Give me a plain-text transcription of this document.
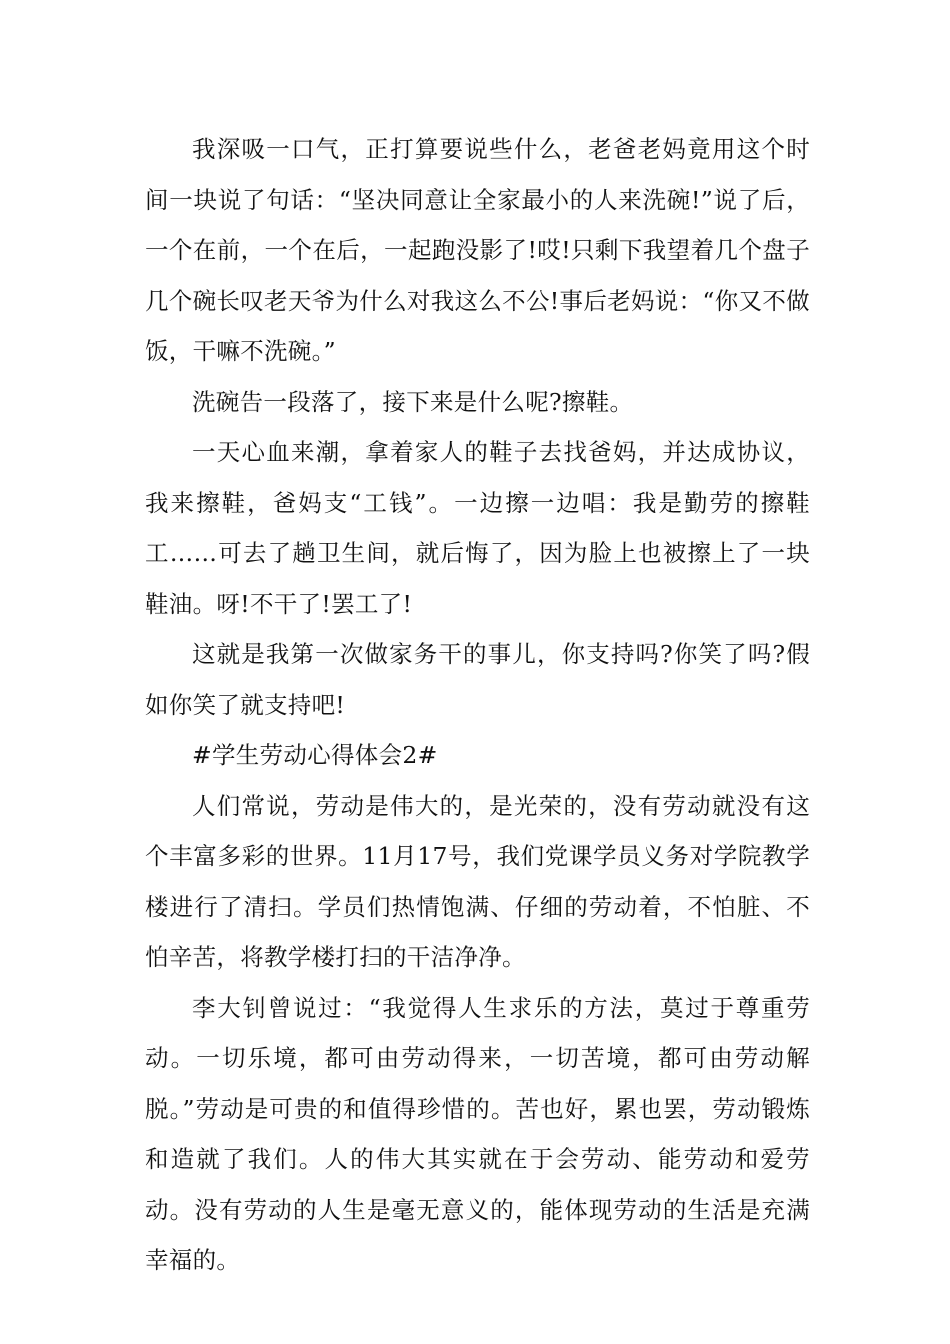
我深吸一口气，正打算要说些什么，老爸老妈竟用这个时间一块说了句话：“坚决同意让全家最小的人来洗碗!”说了后，一个在前，一个在后，一起跑没影了!哎!只剩下我望着几个盘子几个碗长叹老天爷为什么对我这么不公!事后老妈说：“你又不做饭，干嘛不洗碗。”

洗碗告一段落了，接下来是什么呢?擦鞋。

一天心血来潮，拿着家人的鞋子去找爸妈，并达成协议，我来擦鞋，爸妈支“工钱”。一边擦一边唱：我是勤劳的擦鞋工……可去了趟卫生间，就后悔了，因为脸上也被擦上了一块鞋油。呀!不干了!罢工了!

这就是我第一次做家务干的事儿，你支持吗?你笑了吗?假如你笑了就支持吧!

#学生劳动心得体会2#

人们常说，劳动是伟大的，是光荣的，没有劳动就没有这个丰富多彩的世界。11月17号，我们党课学员义务对学院教学楼进行了清扫。学员们热情饱满、仔细的劳动着，不怕脏、不怕辛苦，将教学楼打扫的干洁净净。

李大钊曾说过：“我觉得人生求乐的方法，莫过于尊重劳动。一切乐境，都可由劳动得来，一切苦境，都可由劳动解脱。”劳动是可贵的和值得珍惜的。苦也好，累也罢，劳动锻炼和造就了我们。人的伟大其实就在于会劳动、能劳动和爱劳动。没有劳动的人生是毫无意义的，能体现劳动的生活是充满幸福的。
